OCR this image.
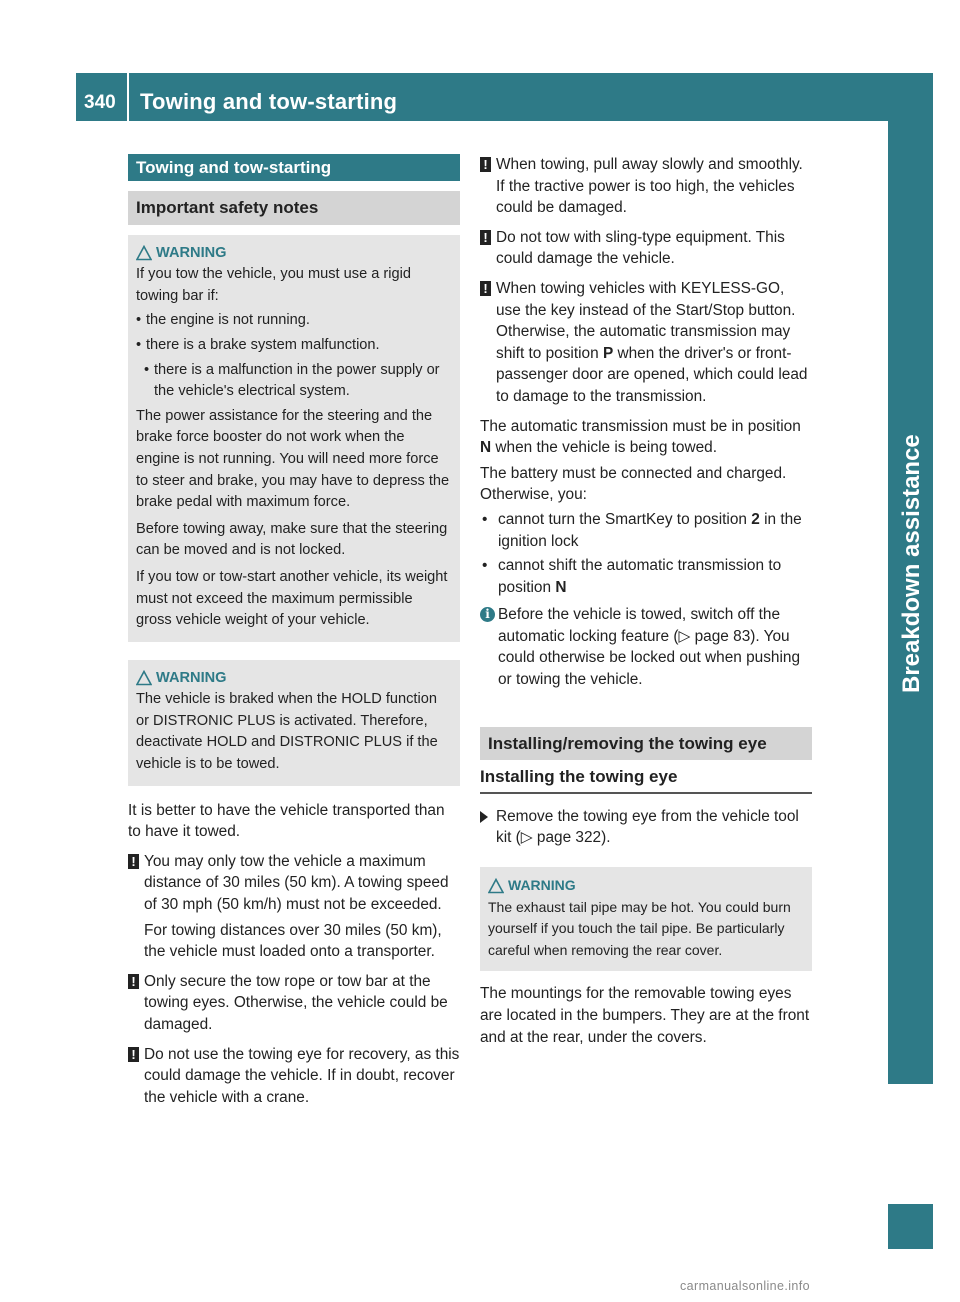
340	Towing and tow-starting
Breakdown assistance
Towing and tow-starting
Important safety notes

WARNING

If you tow the vehicle, you must use a rigid towing bar if:

• the engine is not running.

• there is a brake system malfunction.

• there is a malfunction in the power supply or the vehicle's electrical system.

The power assistance for the steering and the brake force booster do not work when the engine is not running. You will need more force to steer and brake, you may have to depress the brake pedal with maximum force.

Before towing away, make sure that the steering can be moved and is not locked.

If you tow or tow-start another vehicle, its weight must not exceed the maximum permissible gross vehicle weight of your vehicle.

WARNING

The vehicle is braked when the HOLD function or DISTRONIC PLUS is activated. Therefore, deactivate HOLD and DISTRONIC PLUS if the vehicle is to be towed.

It is better to have the vehicle transported than to have it towed.

! You may only tow the vehicle a maximum distance of 30 miles (50 km). A towing speed of 30 mph (50 km/h) must not be exceeded.
For towing distances over 30 miles (50 km), the vehicle must loaded onto a transporter.
! Only secure the tow rope or tow bar at the towing eyes. Otherwise, the vehicle could be damaged.
! Do not use the towing eye for recovery, as this could damage the vehicle. If in doubt, recover the vehicle with a crane.
! When towing, pull away slowly and smoothly. If the tractive power is too high, the vehicles could be damaged.
! Do not tow with sling-type equipment. This could damage the vehicle.
! When towing vehicles with KEYLESS-GO, use the key instead of the Start/Stop button. Otherwise, the automatic transmission may shift to position P when the driver's or front-passenger door are opened, which could lead to damage to the transmission.

The automatic transmission must be in position N when the vehicle is being towed.

The battery must be connected and charged. Otherwise, you:

• cannot turn the SmartKey to position 2 in the ignition lock

• cannot shift the automatic transmission to position N

i Before the vehicle is towed, switch off the automatic locking feature (▷ page 83). You could otherwise be locked out when pushing or towing the vehicle.
Installing/removing the towing eye
Installing the towing eye
Remove the towing eye from the vehicle tool kit (▷ page 322).

WARNING

The exhaust tail pipe may be hot. You could burn yourself if you touch the tail pipe. Be particularly careful when removing the rear cover.

The mountings for the removable towing eyes are located in the bumpers. They are at the front and at the rear, under the covers.

carmanualsonline.info
